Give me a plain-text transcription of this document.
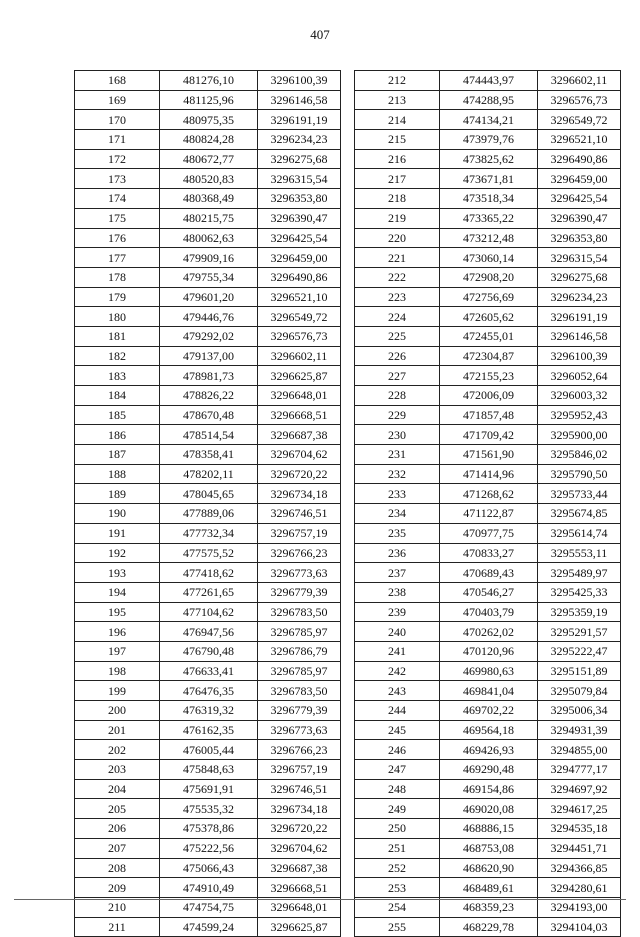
407
168	481276,10	3296100,39
169	481125,96	3296146,58
170	480975,35	3296191,19
171	480824,28	3296234,23
172	480672,77	3296275,68
173	480520,83	3296315,54
174	480368,49	3296353,80
175	480215,75	3296390,47
176	480062,63	3296425,54
177	479909,16	3296459,00
178	479755,34	3296490,86
179	479601,20	3296521,10
180	479446,76	3296549,72
181	479292,02	3296576,73
182	479137,00	3296602,11
183	478981,73	3296625,87
184	478826,22	3296648,01
185	478670,48	3296668,51
186	478514,54	3296687,38
187	478358,41	3296704,62
188	478202,11	3296720,22
189	478045,65	3296734,18
190	477889,06	3296746,51
191	477732,34	3296757,19
192	477575,52	3296766,23
193	477418,62	3296773,63
194	477261,65	3296779,39
195	477104,62	3296783,50
196	476947,56	3296785,97
197	476790,48	3296786,79
198	476633,41	3296785,97
199	476476,35	3296783,50
200	476319,32	3296779,39
201	476162,35	3296773,63
202	476005,44	3296766,23
203	475848,63	3296757,19
204	475691,91	3296746,51
205	475535,32	3296734,18
206	475378,86	3296720,22
207	475222,56	3296704,62
208	475066,43	3296687,38
209	474910,49	3296668,51
210	474754,75	3296648,01
211	474599,24	3296625,87
212	474443,97	3296602,11
213	474288,95	3296576,73
214	474134,21	3296549,72
215	473979,76	3296521,10
216	473825,62	3296490,86
217	473671,81	3296459,00
218	473518,34	3296425,54
219	473365,22	3296390,47
220	473212,48	3296353,80
221	473060,14	3296315,54
222	472908,20	3296275,68
223	472756,69	3296234,23
224	472605,62	3296191,19
225	472455,01	3296146,58
226	472304,87	3296100,39
227	472155,23	3296052,64
228	472006,09	3296003,32
229	471857,48	3295952,43
230	471709,42	3295900,00
231	471561,90	3295846,02
232	471414,96	3295790,50
233	471268,62	3295733,44
234	471122,87	3295674,85
235	470977,75	3295614,74
236	470833,27	3295553,11
237	470689,43	3295489,97
238	470546,27	3295425,33
239	470403,79	3295359,19
240	470262,02	3295291,57
241	470120,96	3295222,47
242	469980,63	3295151,89
243	469841,04	3295079,84
244	469702,22	3295006,34
245	469564,18	3294931,39
246	469426,93	3294855,00
247	469290,48	3294777,17
248	469154,86	3294697,92
249	469020,08	3294617,25
250	468886,15	3294535,18
251	468753,08	3294451,71
252	468620,90	3294366,85
253	468489,61	3294280,61
254	468359,23	3294193,00
255	468229,78	3294104,03
